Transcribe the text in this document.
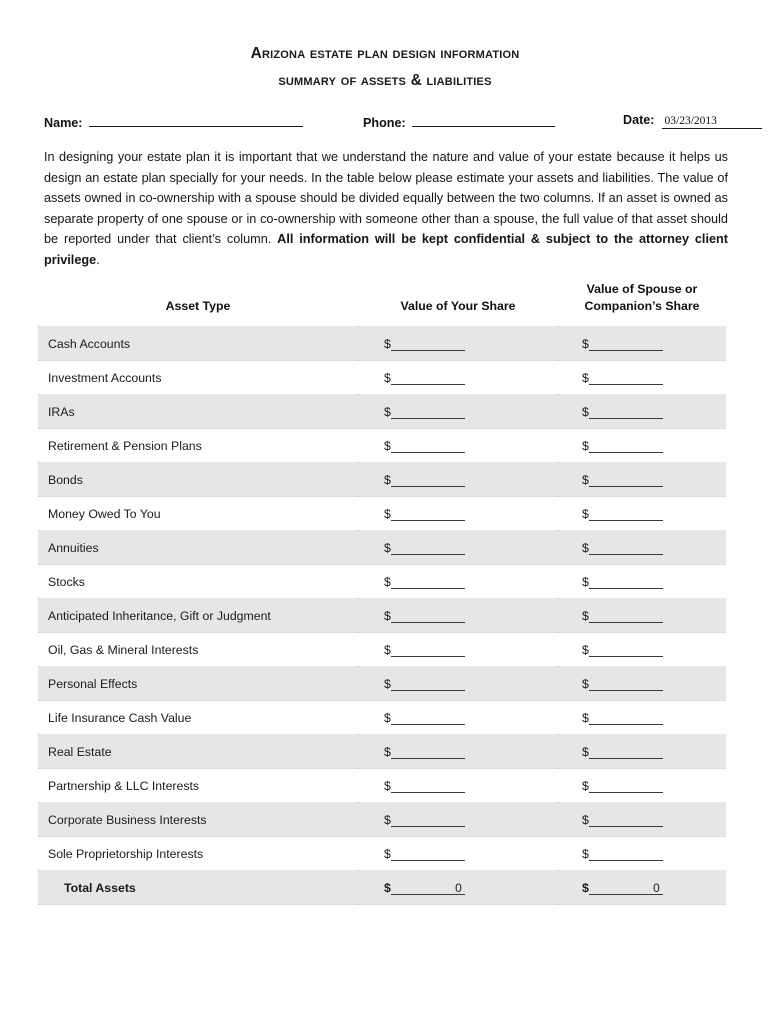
Arizona estate plan design information
summary of assets & liabilities
Name:	Phone:	Date: 03/23/2013
In designing your estate plan it is important that we understand the nature and value of your estate because it helps us design an estate plan specially for your needs. In the table below please estimate your assets and liabilities. The value of assets owned in co-ownership with a spouse should be divided equally between the two columns. If an asset is owned as separate property of one spouse or in co-ownership with someone other than a spouse, the full value of that asset should be reported under that client’s column. All information will be kept confidential & subject to the attorney client privilege.
Asset Type	Value of Your Share	Value of Spouse or
Companion’s Share
Cash Accounts	$	$
Investment Accounts	$	$
IRAs	$	$
Retirement & Pension Plans	$	$
Bonds	$	$
Money Owed To You	$	$
Annuities	$	$
Stocks	$	$
Anticipated Inheritance, Gift or Judgment	$	$
Oil, Gas & Mineral Interests	$	$
Personal Effects	$	$
Life Insurance Cash Value	$	$
Real Estate	$	$
Partnership & LLC Interests	$	$
Corporate Business Interests	$	$
Sole Proprietorship Interests	$	$
Total Assets	$ 0	$ 0
